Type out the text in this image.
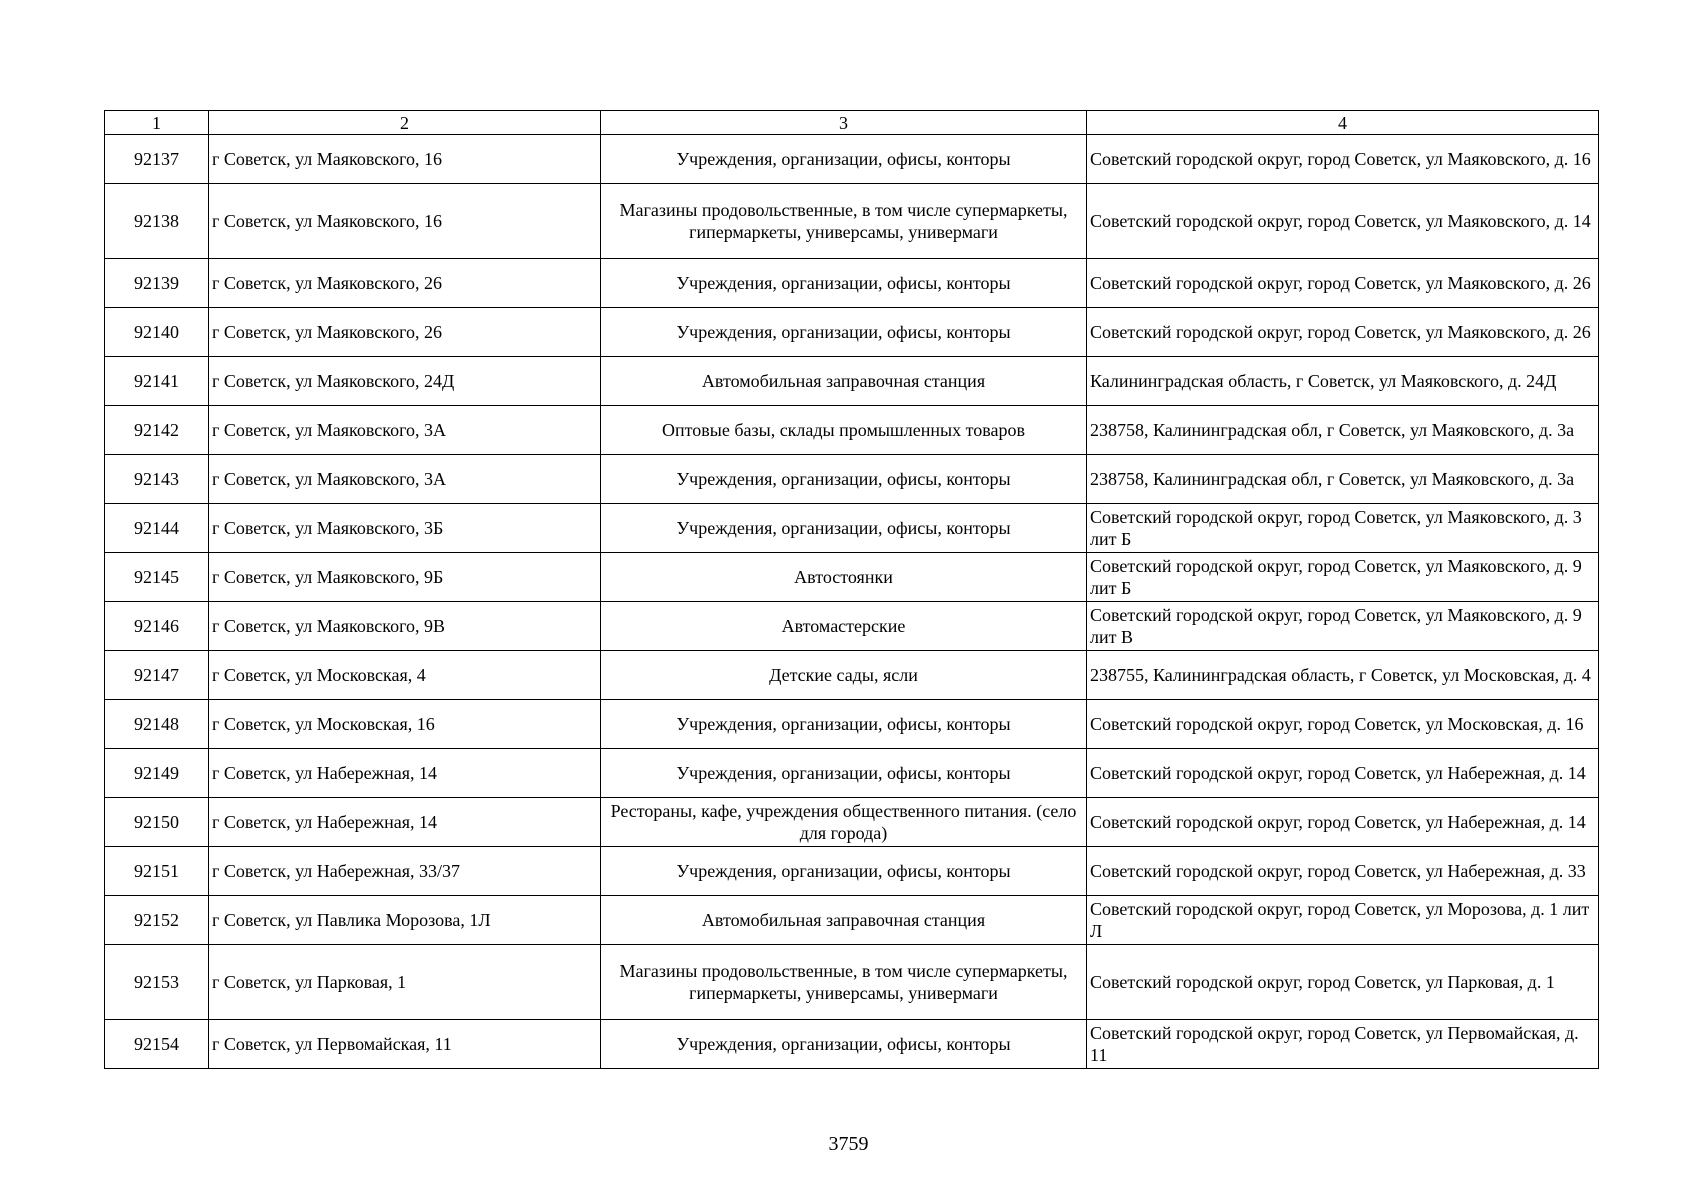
1	2	3	4
92137	г Советск, ул Маяковского, 16	Учреждения, организации, офисы, конторы	Советский городской округ, город Советск, ул Маяковского, д. 16
92138	г Советск, ул Маяковского, 16	Магазины продовольственные, в том числе супермаркеты, гипермаркеты, универсамы, универмаги	Советский городской округ, город Советск, ул Маяковского, д. 14
92139	г Советск, ул Маяковского, 26	Учреждения, организации, офисы, конторы	Советский городской округ, город Советск, ул Маяковского, д. 26
92140	г Советск, ул Маяковского, 26	Учреждения, организации, офисы, конторы	Советский городской округ, город Советск, ул Маяковского, д. 26
92141	г Советск, ул Маяковского, 24Д	Автомобильная заправочная станция	Калининградская область, г Советск, ул Маяковского, д. 24Д
92142	г Советск, ул Маяковского, 3А	Оптовые базы, склады промышленных товаров	238758, Калининградская обл, г Советск, ул Маяковского, д. 3а
92143	г Советск, ул Маяковского, 3А	Учреждения, организации, офисы, конторы	238758, Калининградская обл, г Советск, ул Маяковского, д. 3а
92144	г Советск, ул Маяковского, 3Б	Учреждения, организации, офисы, конторы	Советский городской округ, город Советск, ул Маяковского, д. 3 лит Б
92145	г Советск, ул Маяковского, 9Б	Автостоянки	Советский городской округ, город Советск, ул Маяковского, д. 9 лит Б
92146	г Советск, ул Маяковского, 9В	Автомастерские	Советский городской округ, город Советск, ул Маяковского, д. 9 лит В
92147	г Советск, ул Московская, 4	Детские сады, ясли	238755, Калининградская область, г Советск, ул Московская, д. 4
92148	г Советск, ул Московская, 16	Учреждения, организации, офисы, конторы	Советский городской округ, город Советск, ул Московская, д. 16
92149	г Советск, ул Набережная, 14	Учреждения, организации, офисы, конторы	Советский городской округ, город Советск, ул Набережная, д. 14
92150	г Советск, ул Набережная, 14	Рестораны, кафе, учреждения общественного питания. (село для города)	Советский городской округ, город Советск, ул Набережная, д. 14
92151	г Советск, ул Набережная, 33/37	Учреждения, организации, офисы, конторы	Советский городской округ, город Советск, ул Набережная, д. 33
92152	г Советск, ул Павлика Морозова, 1Л	Автомобильная заправочная станция	Советский городской округ, город Советск, ул Морозова, д. 1 лит Л
92153	г Советск, ул Парковая, 1	Магазины продовольственные, в том числе супермаркеты, гипермаркеты, универсамы, универмаги	Советский городской округ, город Советск, ул Парковая, д. 1
92154	г Советск, ул Первомайская, 11	Учреждения, организации, офисы, конторы	Советский городской округ, город Советск, ул Первомайская, д. 11
3759
